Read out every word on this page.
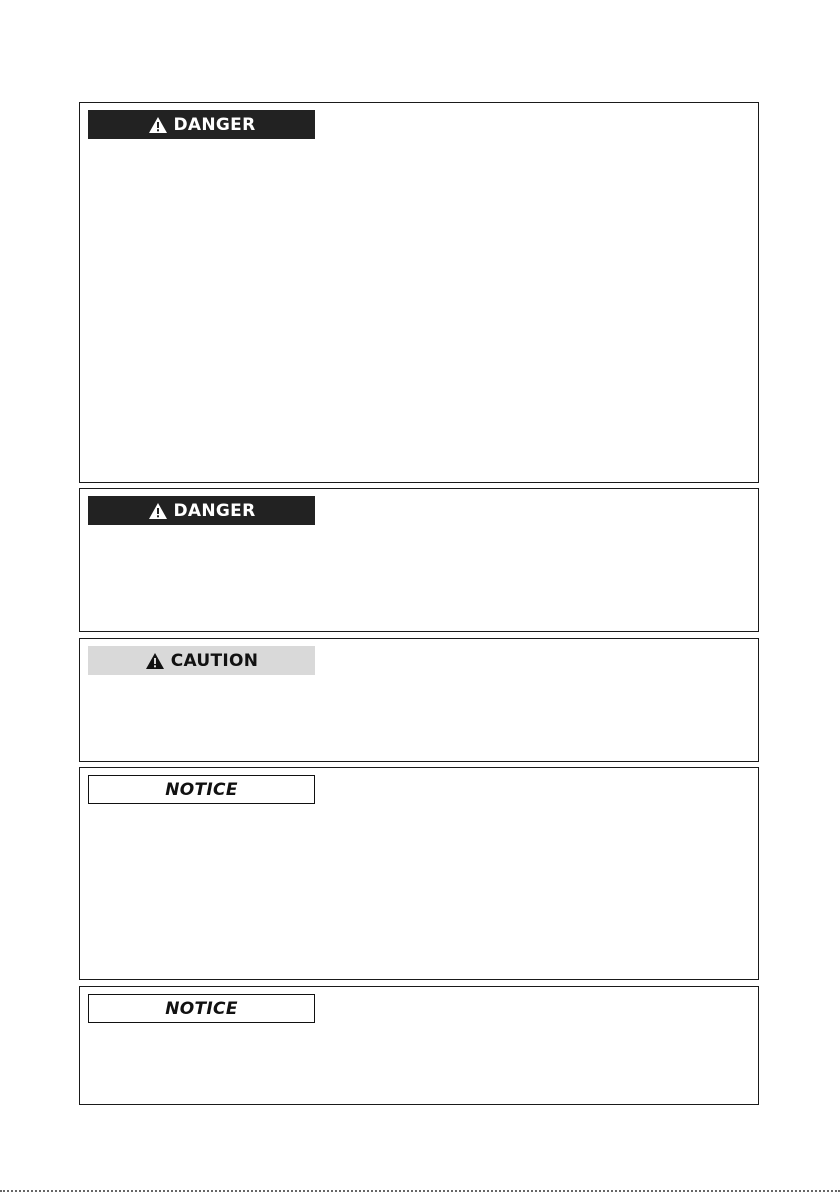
DANGER
DANGER
CAUTION
NOTICE
NOTICE
